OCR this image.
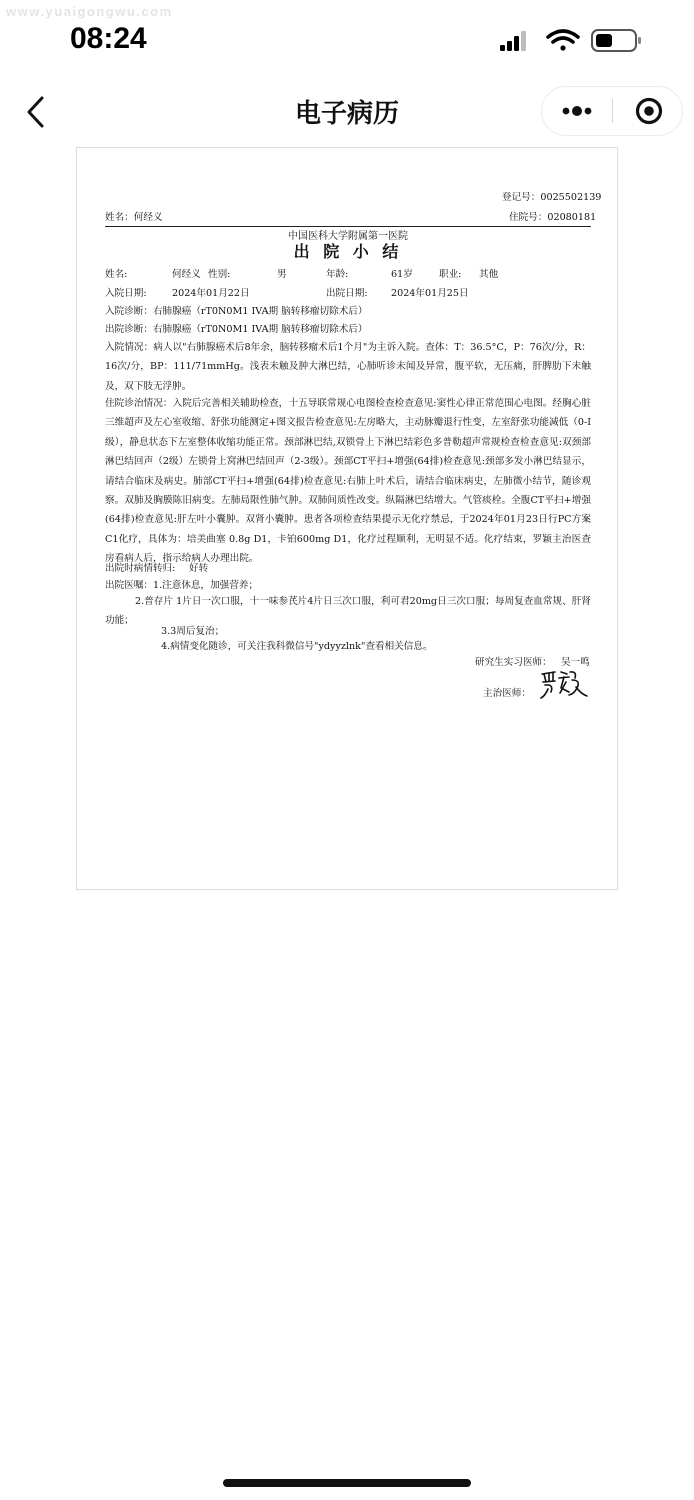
www.yuaigongwu.com
08:24
电子病历
登记号：0025502139
姓名：何经义	住院号：02080181
中国医科大学附属第一医院
出 院 小 结
姓名:	何经义 性别:	男	年龄:	61岁	职业: 其他
入院日期:	2024年01月22日	出院日期: 2024年01月25日
入院诊断：右肺腺癌（rT0N0M1 IVA期 脑转移瘤切除术后）
出院诊断：右肺腺癌（rT0N0M1 IVA期 脑转移瘤切除术后）
入院情况：病人以"右肺腺癌术后8年余，脑转移瘤术后1个月"为主诉入院。查体：T：36.5°C，P：76次/分，R：16次/分，BP：111/71mmHg。浅表未触及肿大淋巴结，心肺听诊未闻及异常，腹平软，无压痛，肝脾肋下未触及，双下肢无浮肿。
住院诊治情况：入院后完善相关辅助检查，十五导联常规心电图检查检查意见:窦性心律正常范围心电图。经胸心脏三维超声及左心室收缩、舒张功能测定+图文报告检查意见:左房略大，主动脉瓣退行性变，左室舒张功能减低（0-I级），静息状态下左室整体收缩功能正常。颈部淋巴结,双锁骨上下淋巴结彩色多普勒超声常规检查检查意见:双颈部淋巴结回声（2级）左锁骨上窝淋巴结回声（2-3级）。颈部CT平扫+增强(64排)检查意见:颈部多发小淋巴结显示，请结合临床及病史。肺部CT平扫+增强(64排)检查意见:右肺上叶术后，请结合临床病史，左肺微小结节，随诊观察。双肺及胸膜陈旧病变。左肺局限性肺气肿。双肺间质性改变。纵隔淋巴结增大。气管痰栓。全腹CT平扫+增强(64排)检查意见:肝左叶小囊肿。双肾小囊肿。患者各项检查结果提示无化疗禁忌，于2024年01月23日行PC方案C1化疗，具体为：培美曲塞 0.8g D1，卡铂600mg D1，化疗过程顺利，无明显不适。化疗结束，罗颖主治医查房看病人后，指示给病人办理出院。
出院时病情转归: 好转
出院医嘱：1.注意休息，加强营养；
2.普存片 1片日一次口服，十一味参芪片4片日三次口服，利可君20mg日三次口服；每周复查血常规、肝肾功能；
3.3周后复治；
4.病情变化随诊，可关注我科微信号"ydyyzlnk"查看相关信息。
研究生实习医师： 吴一鸣
主治医师：
